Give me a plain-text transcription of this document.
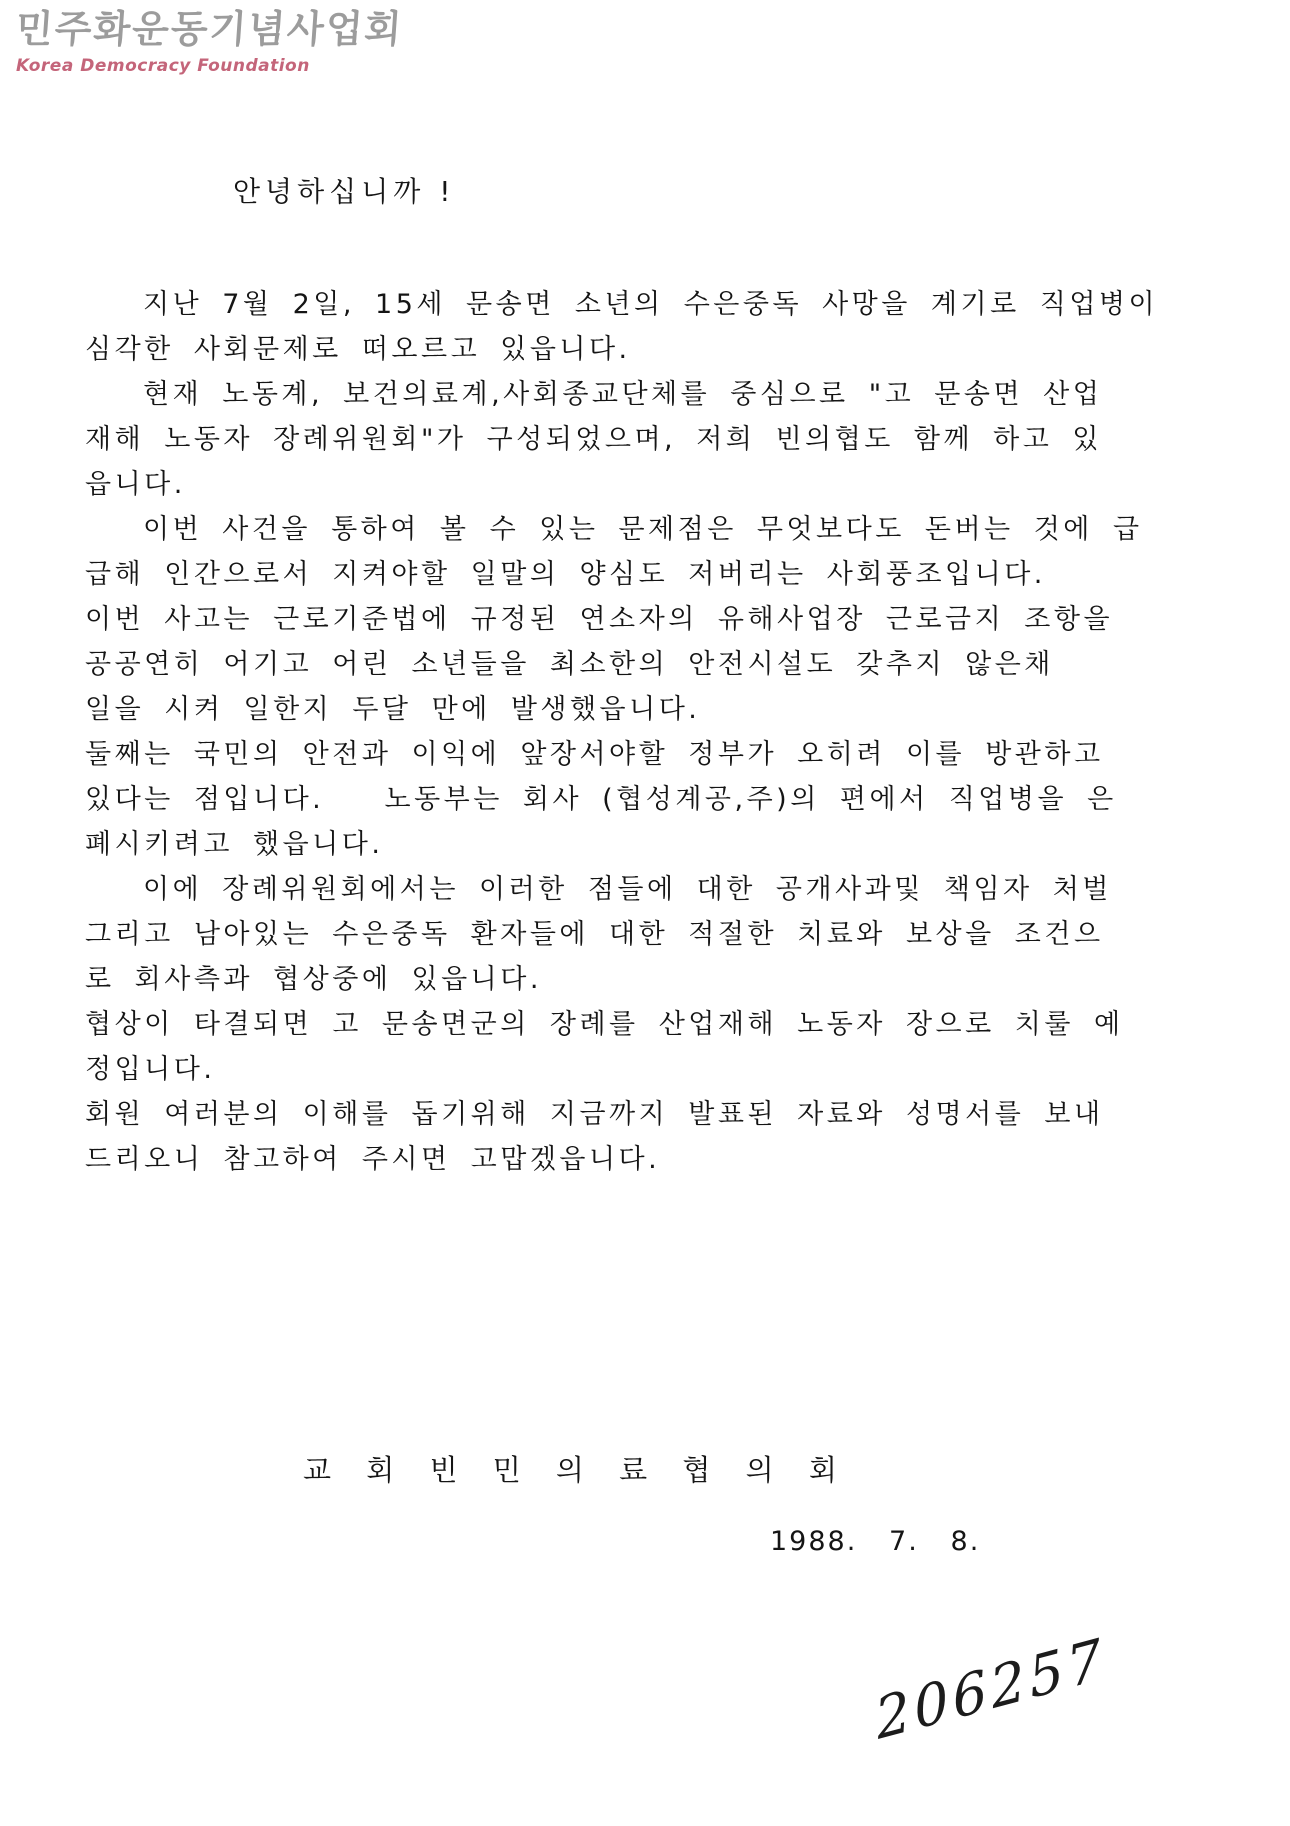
민주화운동기념사업회
Korea Democracy Foundation
안녕하십니까 !
지난 7월 2일, 15세 문송면 소년의 수은중독 사망을 계기로 직업병이
심각한 사회문제로 떠오르고 있읍니다.
현재 노동계, 보건의료계,사회종교단체를 중심으로 "고 문송면 산업
재해 노동자 장례위원회"가 구성되었으며, 저희 빈의협도 함께 하고 있
읍니다.
이번 사건을 통하여 볼 수 있는 문제점은 무엇보다도 돈버는 것에 급
급해 인간으로서 지켜야할 일말의 양심도 저버리는 사회풍조입니다.
이번 사고는 근로기준법에 규정된 연소자의 유해사업장 근로금지 조항을
공공연히 어기고 어린 소년들을 최소한의 안전시설도 갖추지 않은채
일을 시켜 일한지 두달 만에 발생했읍니다.
둘째는 국민의 안전과 이익에 앞장서야할 정부가 오히려 이를 방관하고
있다는 점입니다.   노동부는 회사 (협성계공,주)의 편에서 직업병을 은
폐시키려고 했읍니다.
이에 장례위원회에서는 이러한 점들에 대한 공개사과및 책임자 처벌
그리고 남아있는 수은중독 환자들에 대한 적절한 치료와 보상을 조건으
로 회사측과 협상중에 있읍니다.
협상이 타결되면 고 문송면군의 장례를 산업재해 노동자 장으로 치룰 예
정입니다.
회원 여러분의 이해를 돕기위해 지금까지 발표된 자료와 성명서를 보내
드리오니 참고하여 주시면 고맙겠읍니다.
교 회 빈 민 의 료 협 의 회
1988.   7.   8.
206257
